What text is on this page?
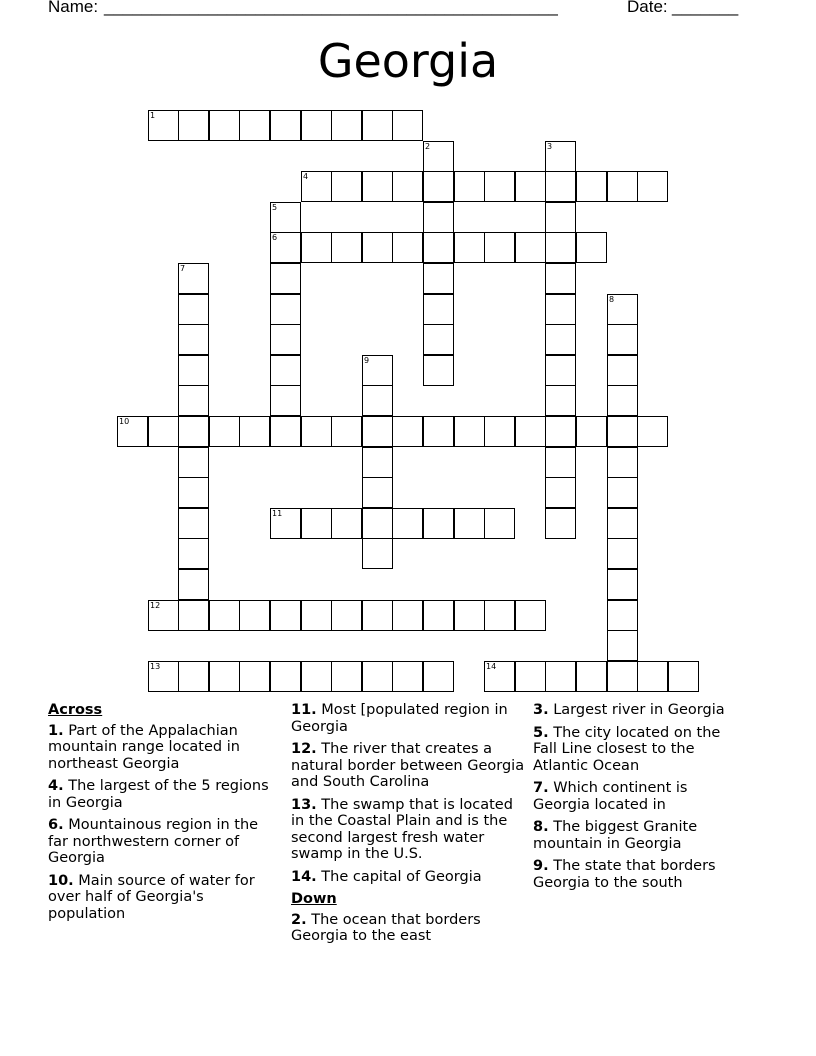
Name: ________________________________________________	Date: _______
Georgia
1
4
6
10
11
12
13	14
2	3
5
7
8
9
Across
1. Part of the Appalachian mountain range located in northeast Georgia
4. The largest of the 5 regions in Georgia
6. Mountainous region in the far northwestern corner of Georgia
10. Main source of water for over half of Georgia's population
11. Most [populated region in Georgia
12. The river that creates a natural border between Georgia and South Carolina
13. The swamp that is located in the Coastal Plain and is the second largest fresh water swamp in the U.S.
14. The capital of Georgia
Down
2. The ocean that borders Georgia to the east
3. Largest river in Georgia
5. The city located on the Fall Line closest to the Atlantic Ocean
7. Which continent is Georgia located in
8. The biggest Granite mountain in Georgia
9. The state that borders Georgia to the south
